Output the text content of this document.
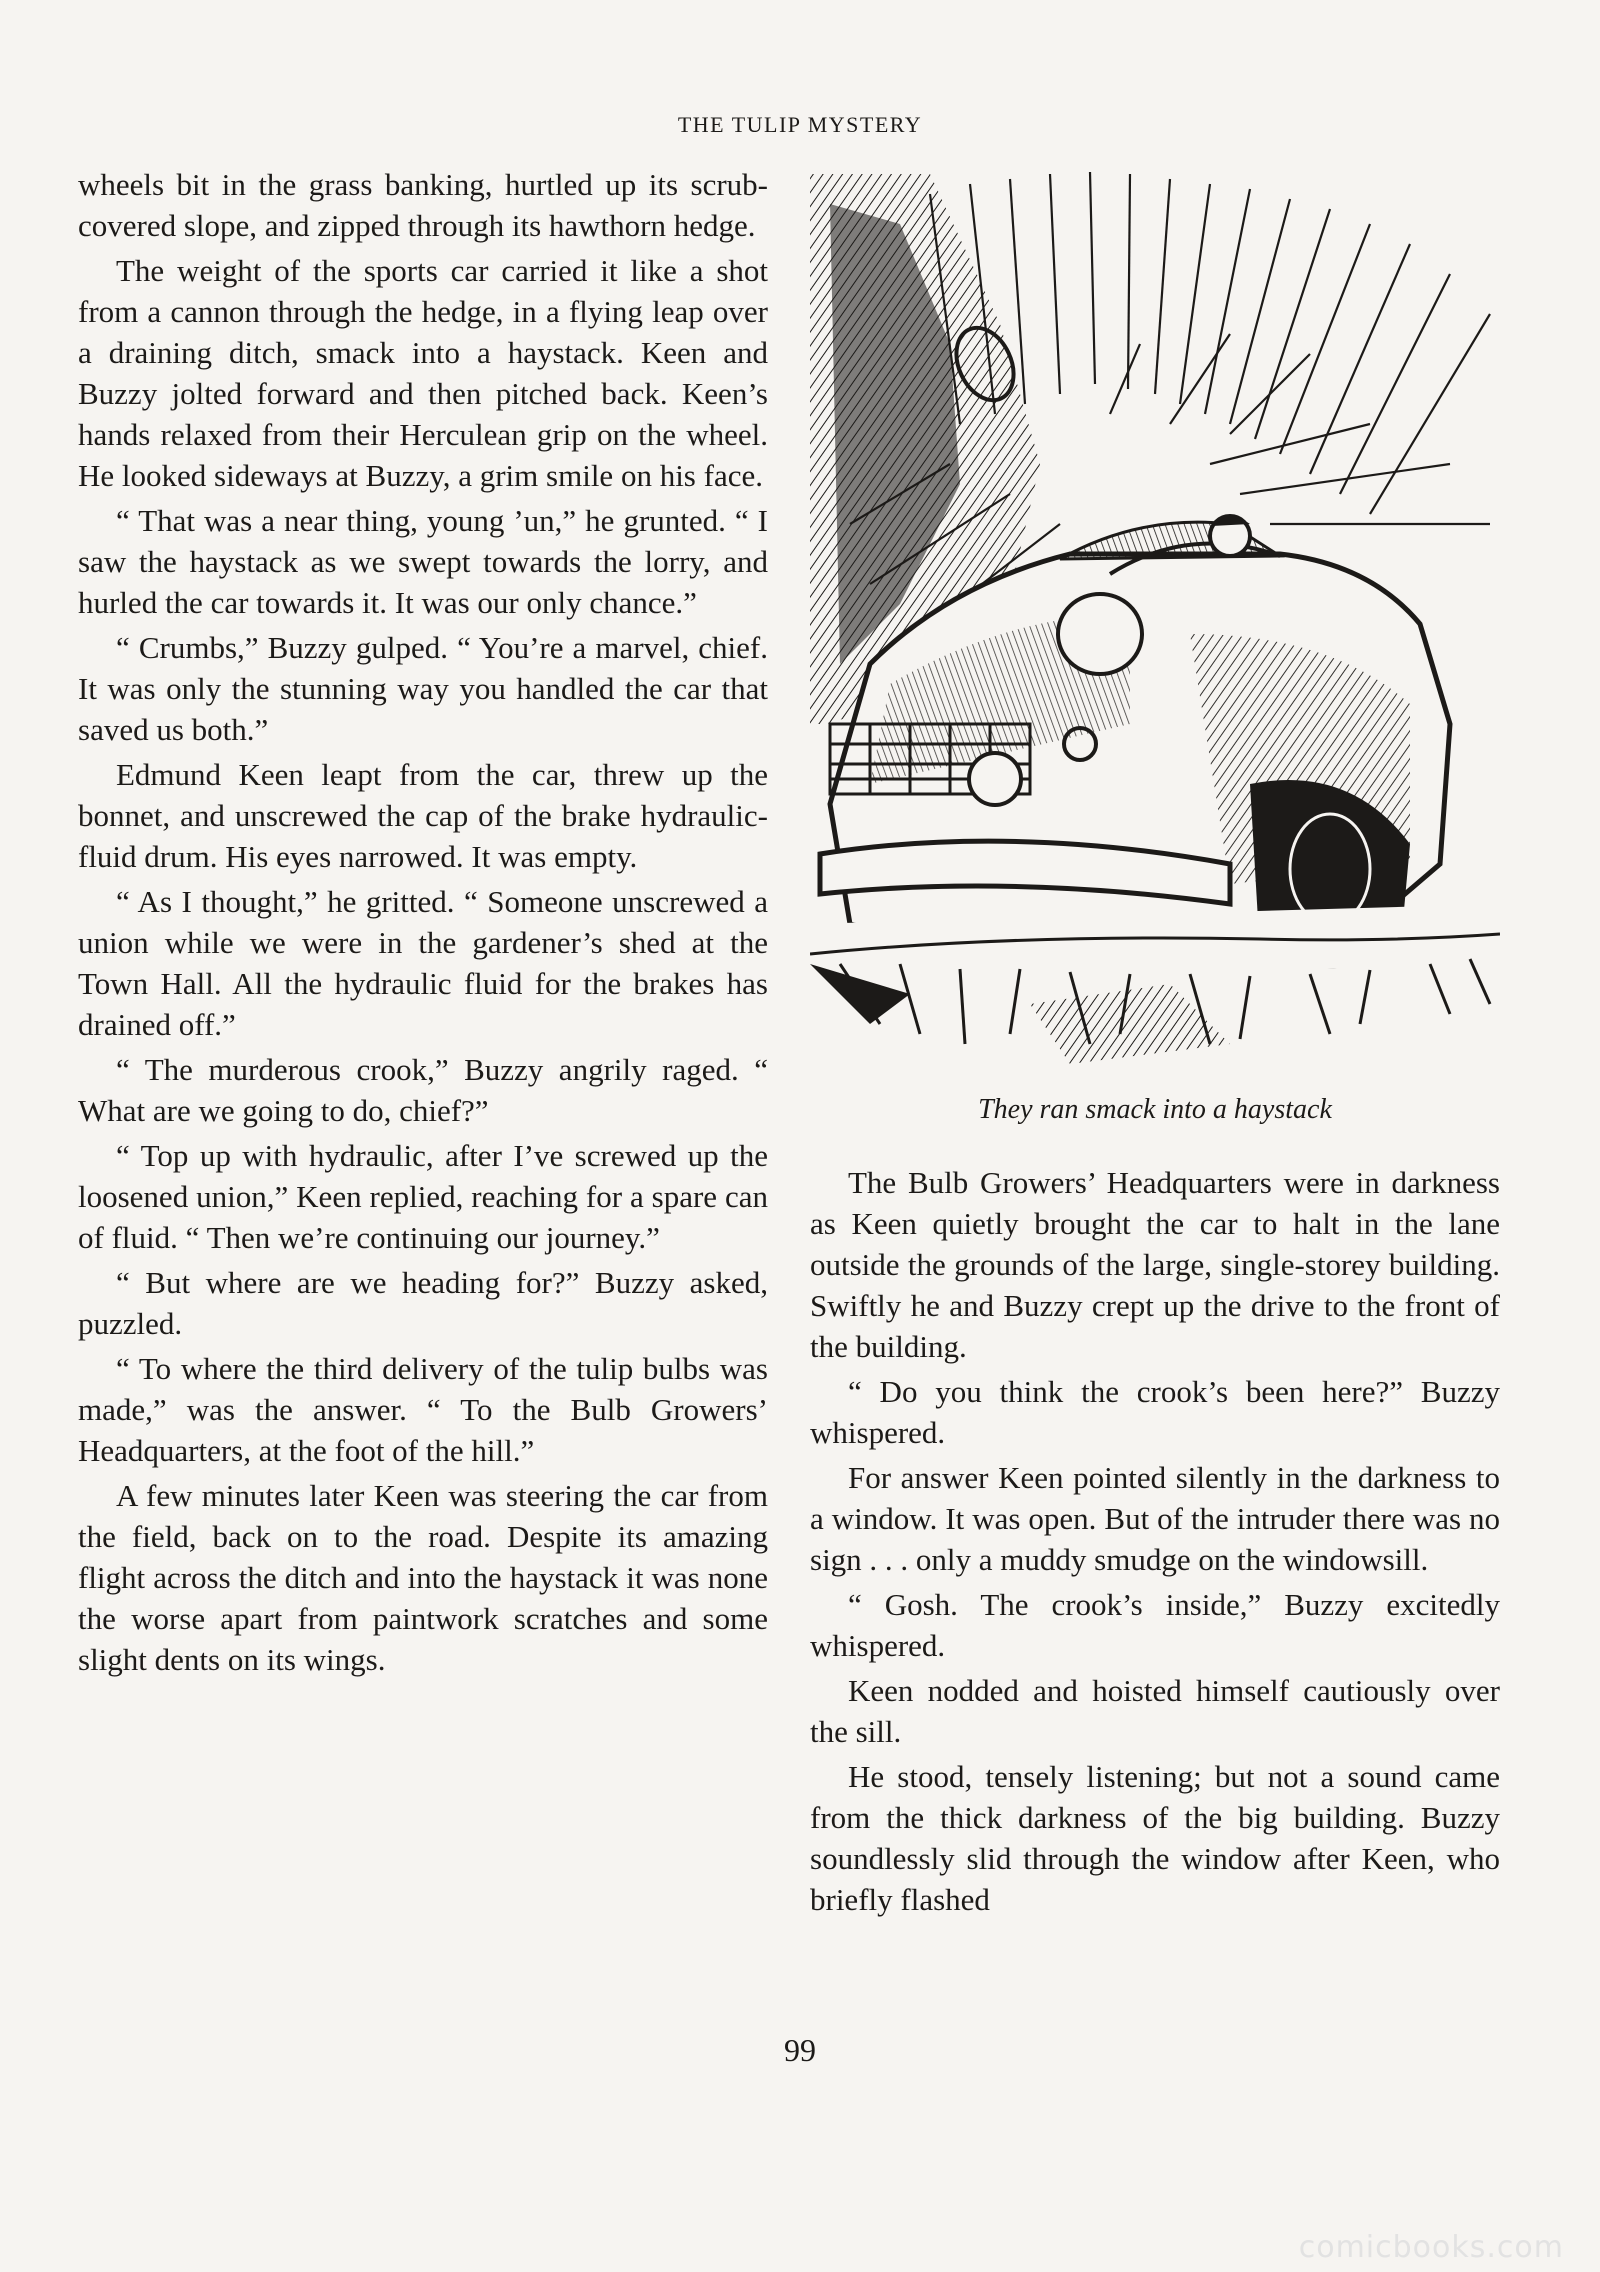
THE TULIP MYSTERY

wheels bit in the grass banking, hurtled up its scrub-covered slope, and zipped through its hawthorn hedge.

The weight of the sports car carried it like a shot from a cannon through the hedge, in a flying leap over a draining ditch, smack into a haystack. Keen and Buzzy jolted forward and then pitched back. Keen’s hands relaxed from their Herculean grip on the wheel. He looked sideways at Buzzy, a grim smile on his face.

“ That was a near thing, young ’un,” he grunted. “ I saw the haystack as we swept towards the lorry, and hurled the car towards it. It was our only chance.”

“ Crumbs,” Buzzy gulped. “ You’re a marvel, chief. It was only the stunning way you handled the car that saved us both.”

Edmund Keen leapt from the car, threw up the bonnet, and unscrewed the cap of the brake hydraulic-fluid drum. His eyes narrowed. It was empty.

“ As I thought,” he gritted. “ Someone unscrewed a union while we were in the gardener’s shed at the Town Hall. All the hydraulic fluid for the brakes has drained off.”

“ The murderous crook,” Buzzy angrily raged. “ What are we going to do, chief?”

“ Top up with hydraulic, after I’ve screwed up the loosened union,” Keen replied, reaching for a spare can of fluid. “ Then we’re continuing our journey.”

“ But where are we heading for?” Buzzy asked, puzzled.

“ To where the third delivery of the tulip bulbs was made,” was the answer. “ To the Bulb Growers’ Headquarters, at the foot of the hill.”

A few minutes later Keen was steering the car from the field, back on to the road. Despite its amazing flight across the ditch and into the haystack it was none the worse apart from paintwork scratches and some slight dents on its wings.

They ran smack into a haystack

The Bulb Growers’ Headquarters were in darkness as Keen quietly brought the car to halt in the lane outside the grounds of the large, single-storey building. Swiftly he and Buzzy crept up the drive to the front of the building.

“ Do you think the crook’s been here?” Buzzy whispered.

For answer Keen pointed silently in the darkness to a window. It was open. But of the intruder there was no sign . . . only a muddy smudge on the windowsill.

“ Gosh. The crook’s inside,” Buzzy excitedly whispered.

Keen nodded and hoisted himself cautiously over the sill.

He stood, tensely listening; but not a sound came from the thick darkness of the big building. Buzzy soundlessly slid through the window after Keen, who briefly flashed

99
comicbooks.com
